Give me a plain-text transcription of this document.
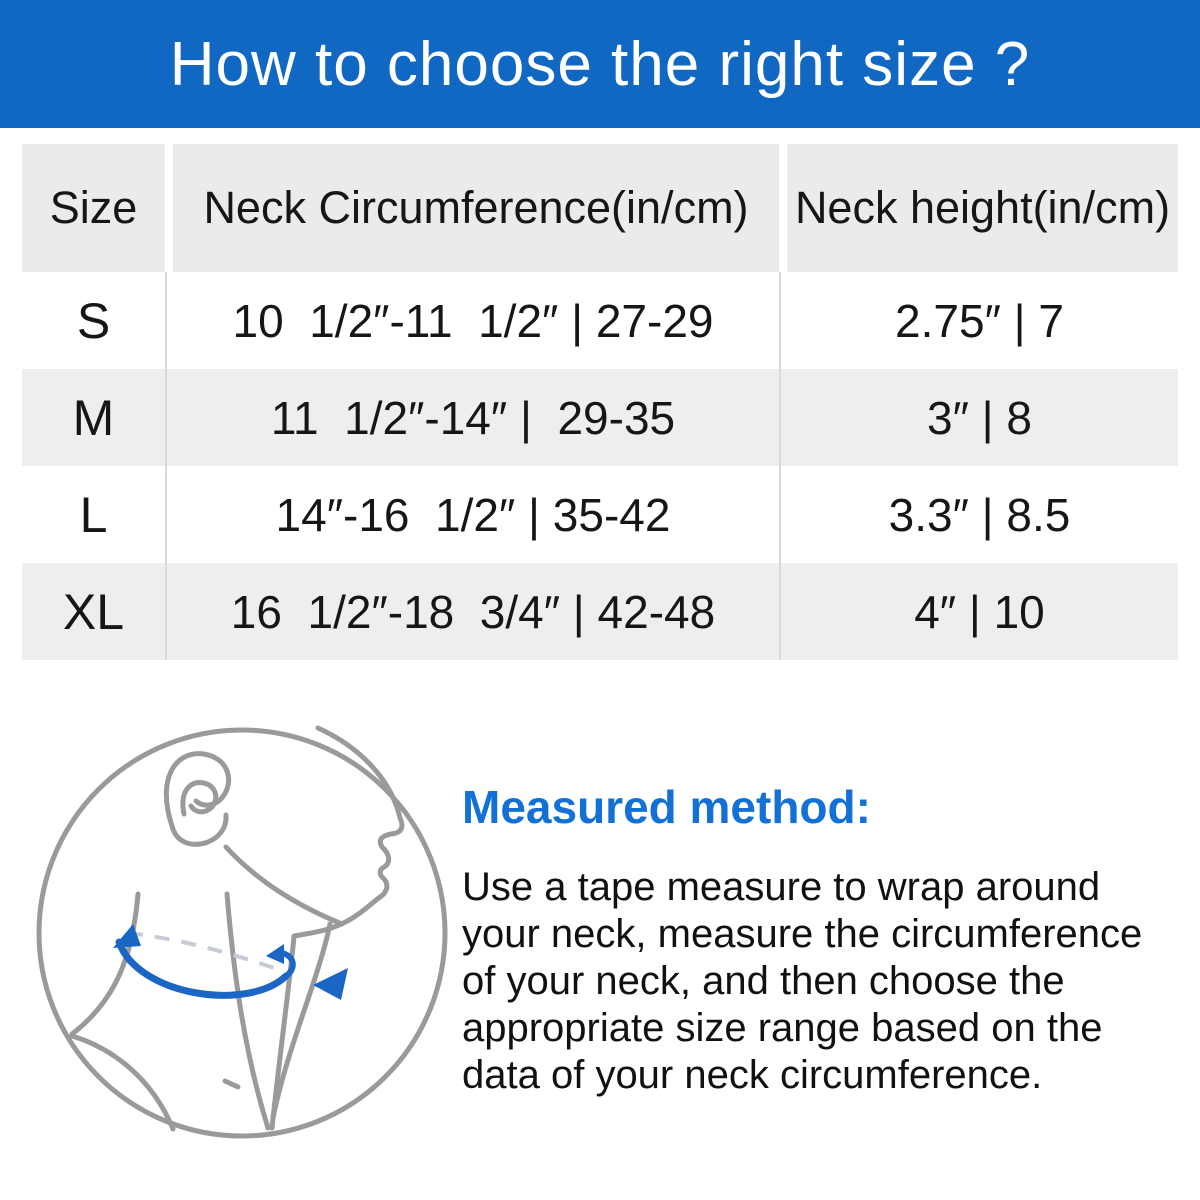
How to choose the right size ?
Size	Neck Circumference(in/cm)	Neck height(in/cm)
S	10  1/2″-11  1/2″ | 27-29	2.75″ | 7
M	11  1/2″-14″ |  29-35	3″ | 8
L	14″-16  1/2″ | 35-42	3.3″ | 8.5
XL	16  1/2″-18  3/4″ | 42-48	4″ | 10
Measured method:
Use a tape measure to wrap around
your neck, measure the circumference
of your neck, and then choose the
appropriate size range based on the
data of your neck circumference.
